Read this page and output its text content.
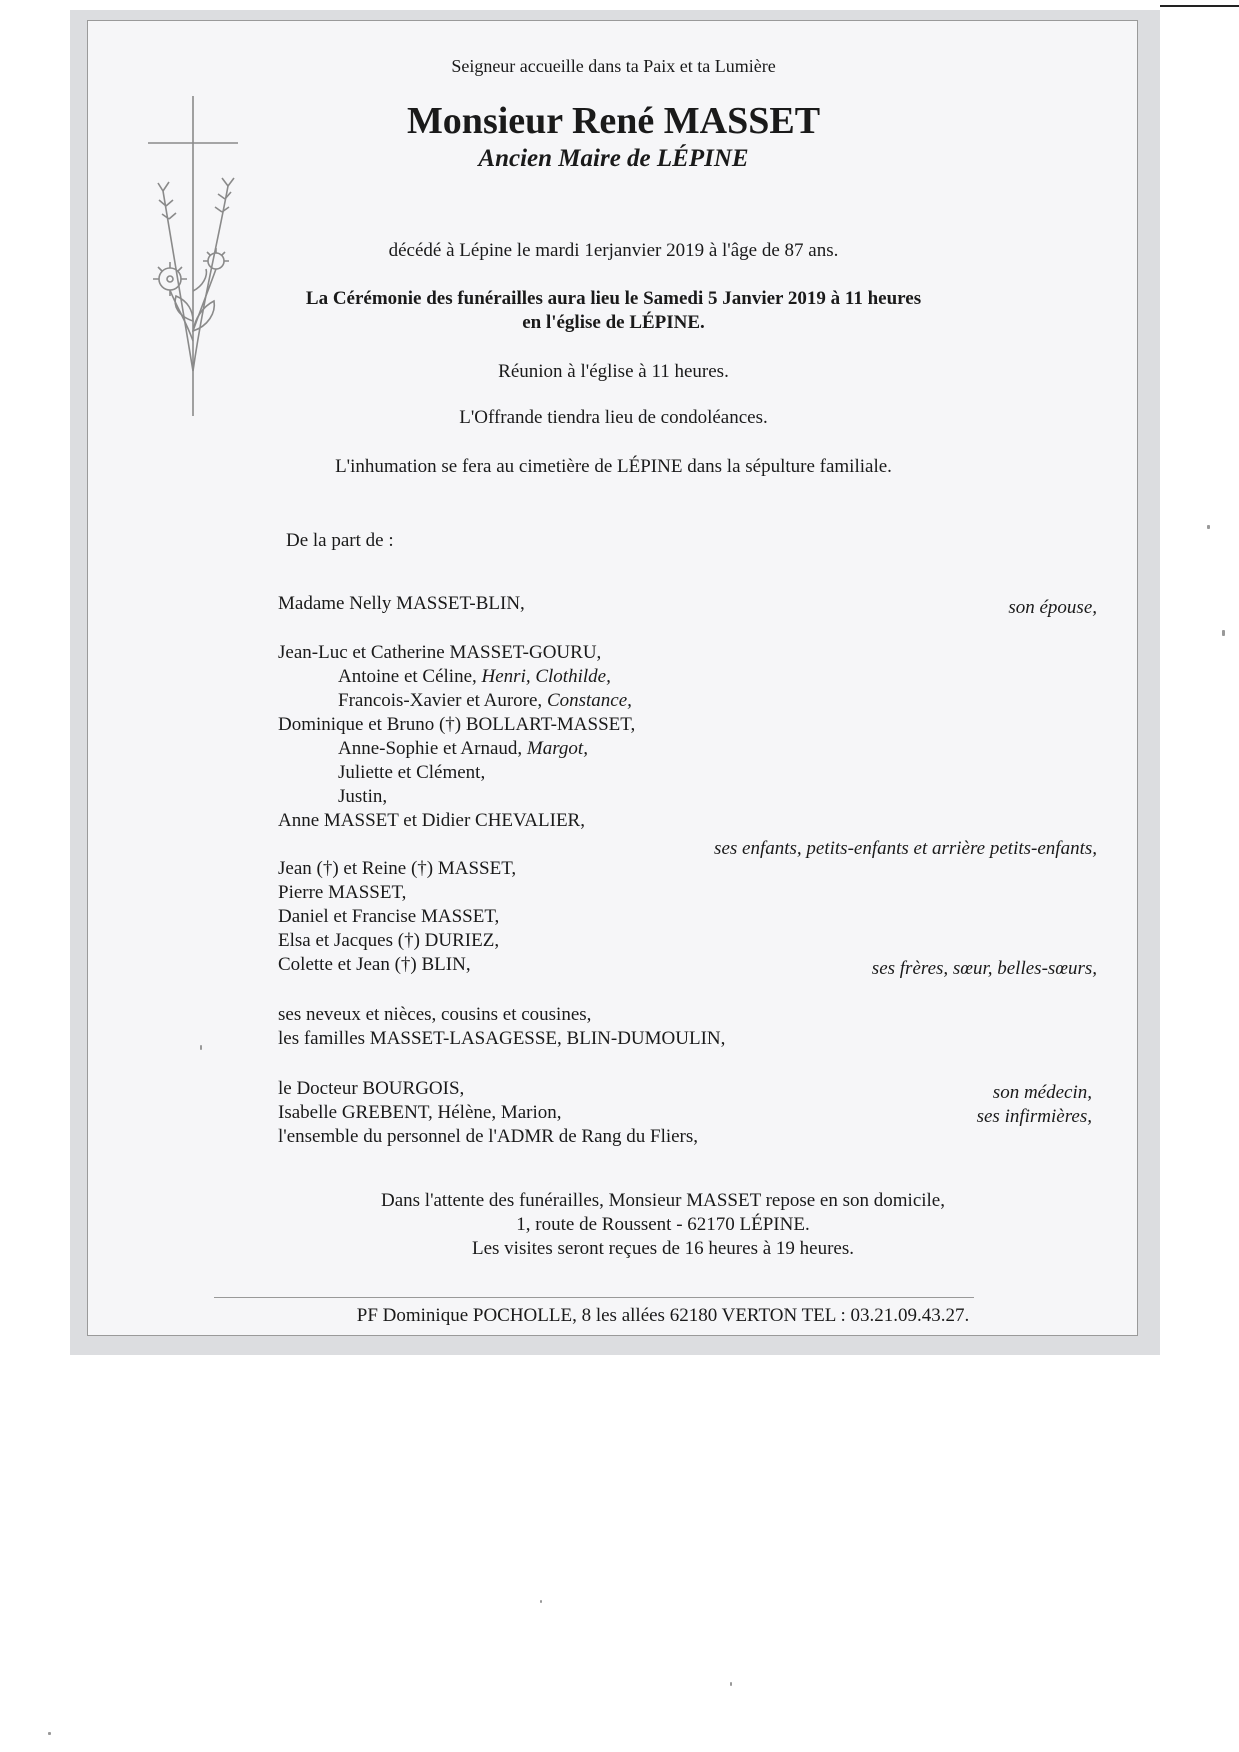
Seigneur accueille dans ta Paix et ta Lumière
Monsieur René MASSET
Ancien Maire de LÉPINE
décédé à Lépine le mardi 1erjanvier 2019 à l'âge de 87 ans.
La Cérémonie des funérailles aura lieu le Samedi 5 Janvier 2019 à 11 heures
en l'église de LÉPINE.
Réunion à l'église à 11 heures.
L'Offrande tiendra lieu de condoléances.
L'inhumation se fera au cimetière de LÉPINE dans la sépulture familiale.
De la part de :
Madame Nelly MASSET-BLIN,	son épouse,
Jean-Luc et Catherine MASSET-GOURU,
Antoine et Céline, Henri, Clothilde,
Francois-Xavier et Aurore, Constance,
Dominique et Bruno (†) BOLLART-MASSET,
Anne-Sophie et Arnaud, Margot,
Juliette et Clément,
Justin,
Anne MASSET et Didier CHEVALIER,
ses enfants, petits-enfants et arrière petits-enfants,
Jean (†) et Reine (†) MASSET,
Pierre MASSET,
Daniel et Francise MASSET,
Elsa et Jacques (†) DURIEZ,
Colette et Jean (†) BLIN,	ses frères, sœur, belles-sœurs,
ses neveux et nièces, cousins et cousines,
les familles MASSET-LASAGESSE, BLIN-DUMOULIN,
le Docteur BOURGOIS,
Isabelle GREBENT, Hélène, Marion,
l'ensemble du personnel de l'ADMR de Rang du Fliers,
son médecin,
ses infirmières,
Dans l'attente des funérailles, Monsieur MASSET repose en son domicile,
1, route de Roussent - 62170 LÉPINE.
Les visites seront reçues de 16 heures à 19 heures.
PF Dominique POCHOLLE, 8 les allées 62180 VERTON TEL : 03.21.09.43.27.
